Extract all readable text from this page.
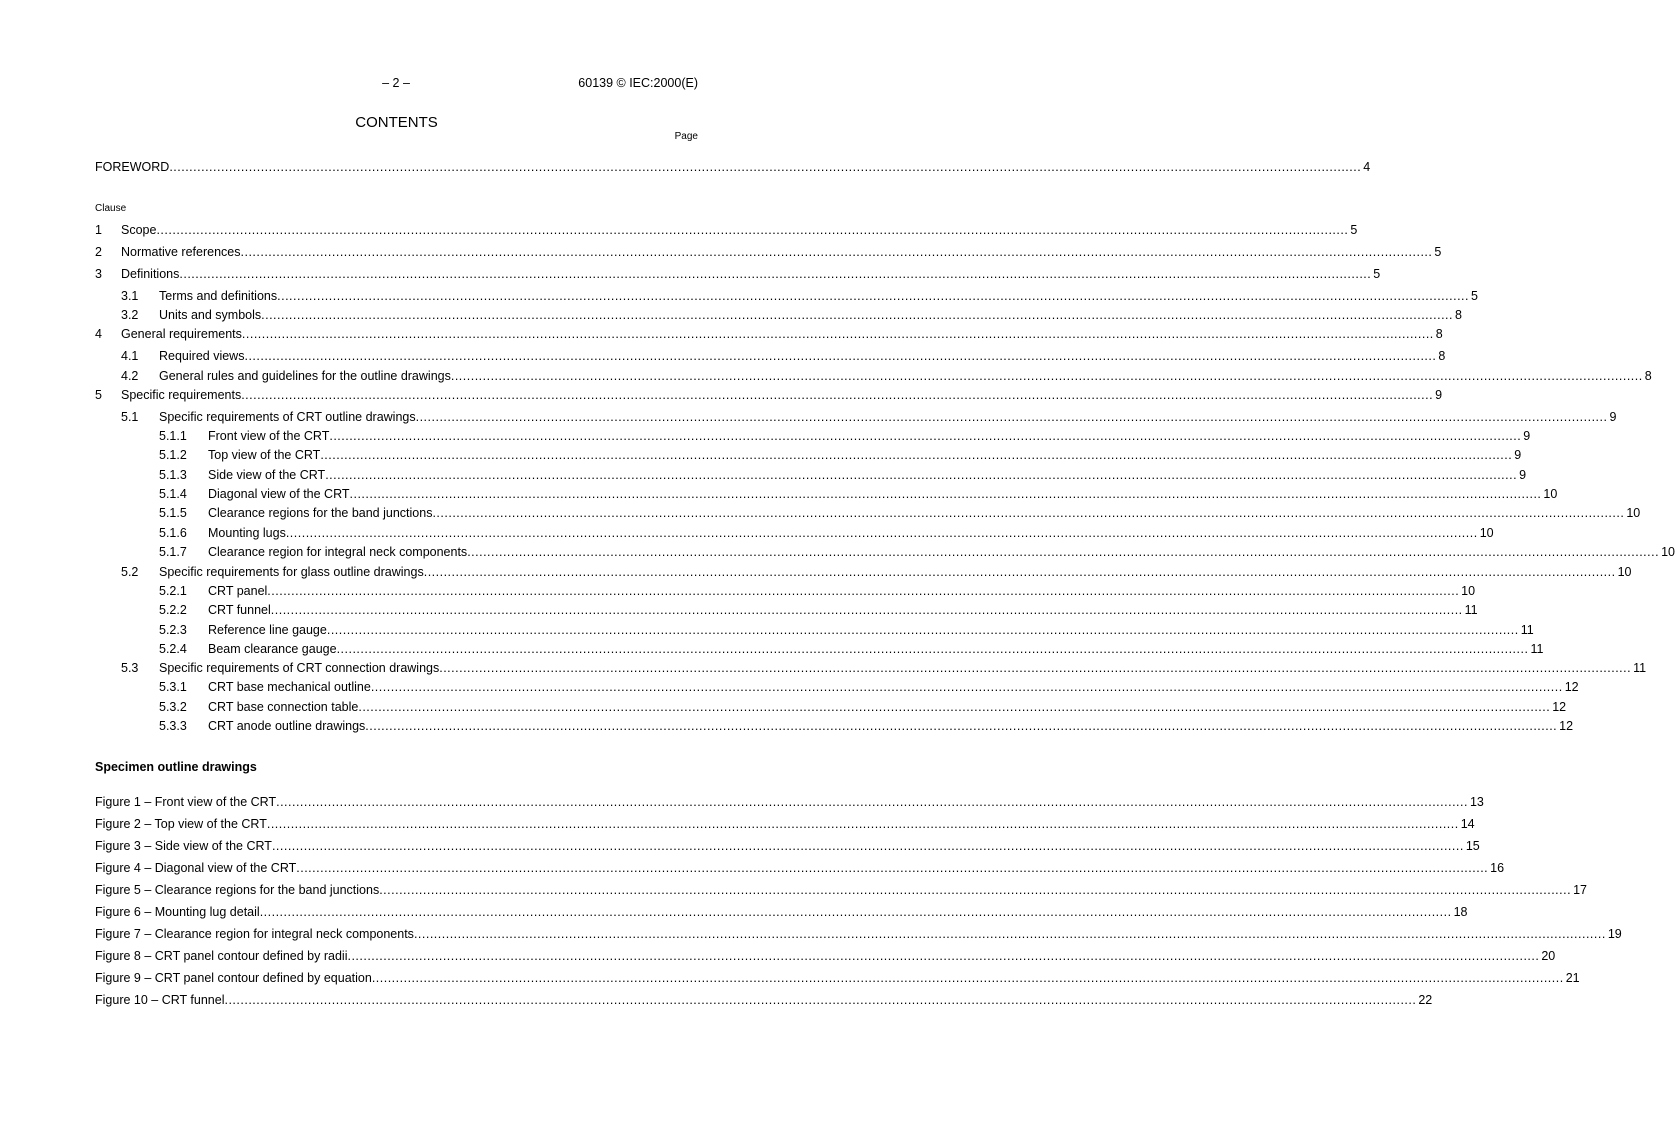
– 2 –	60139 © IEC:2000(E)
CONTENTS
Page
FOREWORD ............................................................................................................................................................................................................................................................................................................ 4
Clause
1	Scope ............................................................................................................................................................................................................................................................................................................ 5
2	Normative references ............................................................................................................................................................................................................................................................................................................ 5
3	Definitions ............................................................................................................................................................................................................................................................................................................ 5
3.1	Terms and definitions ............................................................................................................................................................................................................................................................................................................ 5
3.2	Units and symbols ............................................................................................................................................................................................................................................................................................................ 8
4	General requirements ............................................................................................................................................................................................................................................................................................................ 8
4.1	Required views ............................................................................................................................................................................................................................................................................................................ 8
4.2	General rules and guidelines for the outline drawings ............................................................................................................................................................................................................................................................................................................ 8
5	Specific requirements ............................................................................................................................................................................................................................................................................................................ 9
5.1	Specific requirements of CRT outline drawings ............................................................................................................................................................................................................................................................................................................ 9
5.1.1	Front view of the CRT ............................................................................................................................................................................................................................................................................................................ 9
5.1.2	Top view of the CRT ............................................................................................................................................................................................................................................................................................................ 9
5.1.3	Side view of the CRT ............................................................................................................................................................................................................................................................................................................ 9
5.1.4	Diagonal view of the CRT ............................................................................................................................................................................................................................................................................................................ 10
5.1.5	Clearance regions for the band junctions ............................................................................................................................................................................................................................................................................................................ 10
5.1.6	Mounting lugs ............................................................................................................................................................................................................................................................................................................ 10
5.1.7	Clearance region for integral neck components ............................................................................................................................................................................................................................................................................................................ 10
5.2	Specific requirements for glass outline drawings ............................................................................................................................................................................................................................................................................................................ 10
5.2.1	CRT panel ............................................................................................................................................................................................................................................................................................................ 10
5.2.2	CRT funnel ............................................................................................................................................................................................................................................................................................................ 11
5.2.3	Reference line gauge ............................................................................................................................................................................................................................................................................................................ 11
5.2.4	Beam clearance gauge ............................................................................................................................................................................................................................................................................................................ 11
5.3	Specific requirements of CRT connection drawings ............................................................................................................................................................................................................................................................................................................ 11
5.3.1	CRT base mechanical outline ............................................................................................................................................................................................................................................................................................................ 12
5.3.2	CRT base connection table ............................................................................................................................................................................................................................................................................................................ 12
5.3.3	CRT anode outline drawings ............................................................................................................................................................................................................................................................................................................ 12
Specimen outline drawings
Figure 1 – Front view of the CRT ............................................................................................................................................................................................................................................................................................................ 13
Figure 2 – Top view of the CRT ............................................................................................................................................................................................................................................................................................................ 14
Figure 3 – Side view of the CRT ............................................................................................................................................................................................................................................................................................................ 15
Figure 4 – Diagonal view of the CRT ............................................................................................................................................................................................................................................................................................................ 16
Figure 5 – Clearance regions for the band junctions ............................................................................................................................................................................................................................................................................................................ 17
Figure 6 – Mounting lug detail ............................................................................................................................................................................................................................................................................................................ 18
Figure 7 – Clearance region for integral neck components ............................................................................................................................................................................................................................................................................................................ 19
Figure 8 – CRT panel contour defined by radii ............................................................................................................................................................................................................................................................................................................ 20
Figure 9 – CRT panel contour defined by equation ............................................................................................................................................................................................................................................................................................................ 21
Figure 10 – CRT funnel ............................................................................................................................................................................................................................................................................................................ 22
